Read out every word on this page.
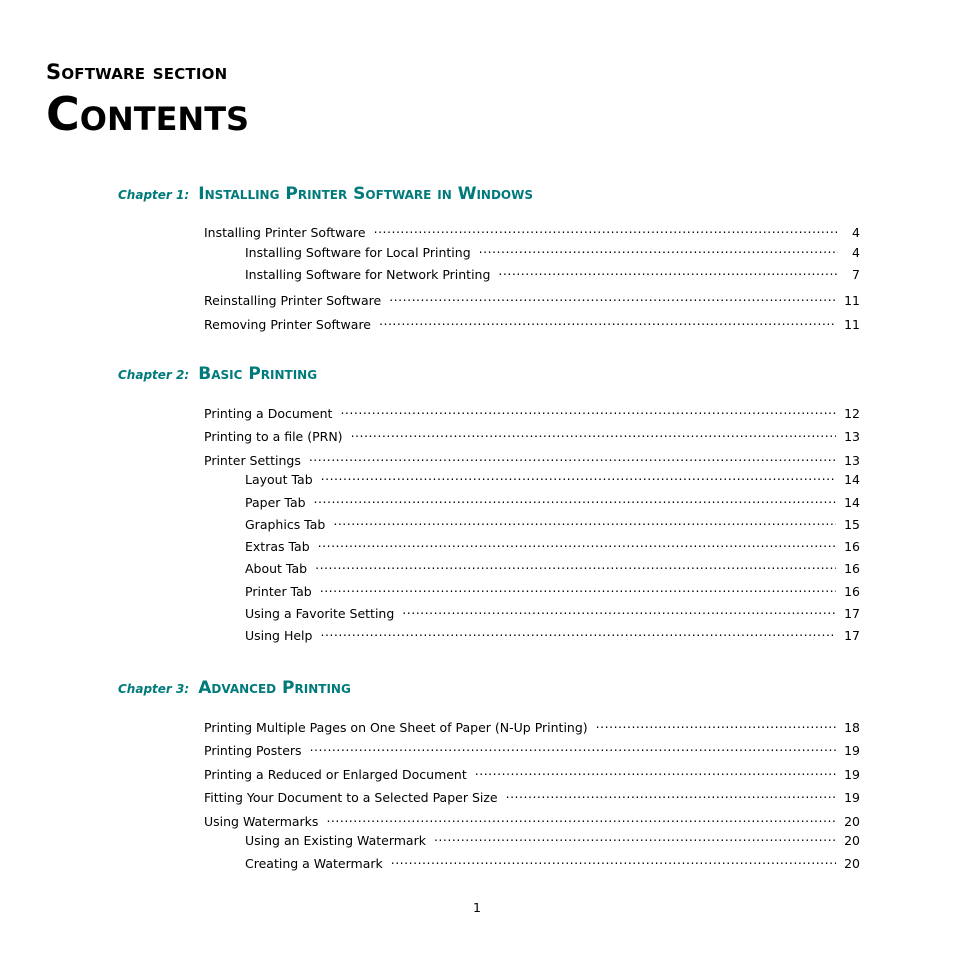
Software section
Contents
Chapter 1: Installing Printer Software in Windows
Installing Printer Software .....	4
Installing Software for Local Printing .....	4
Installing Software for Network Printing .....	7
Reinstalling Printer Software .....	11
Removing Printer Software .....	11
Chapter 2: Basic Printing
Printing a Document .....	12
Printing to a file (PRN) .....	13
Printer Settings .....	13
Layout Tab .....	14
Paper Tab .....	14
Graphics Tab .....	15
Extras Tab .....	16
About Tab .....	16
Printer Tab .....	16
Using a Favorite Setting .....	17
Using Help .....	17
Chapter 3: Advanced Printing
Printing Multiple Pages on One Sheet of Paper (N-Up Printing) .....	18
Printing Posters .....	19
Printing a Reduced or Enlarged Document .....	19
Fitting Your Document to a Selected Paper Size .....	19
Using Watermarks .....	20
Using an Existing Watermark .....	20
Creating a Watermark .....	20
1
